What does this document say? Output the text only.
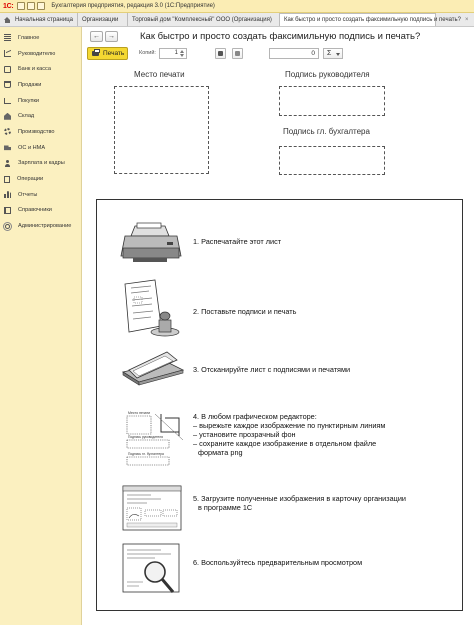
1С:	Бухгалтерия предприятия, редакция 3.0 (1С:Предприятие)
Начальная страница Организации Торговый дом "Комплексный" ООО (Организация) Как быстро и просто создать факсимильную подпись и печать? ×
Главное
Руководителю
Банк и касса
Продажи
Покупки
Склад
Производство
ОС и НМА
Зарплата и кадры
Операции
Отчеты
Справочники
Администрирование
←	→	Как быстро и просто создать факсимильную подпись и печать?
Печать	Копий:	1	0	Σ
Место печати	Подпись руководителя
Подпись гл. бухгалтера
1. Распечатайте этот лист
2. Поставьте подписи и печать
3. Отсканируйте лист с подписями и печатями
Место печати
Подпись руководителя
Подпись гл. бухгалтера
4. В любом графическом редакторе:
– вырежьте каждое изображение по пунктирным линиям
– установите прозрачный фон
– сохраните каждое изображение в отдельном файле
формата png
5. Загрузите полученные изображения в карточку организации
в программе 1С
6. Воспользуйтесь предварительным просмотром
